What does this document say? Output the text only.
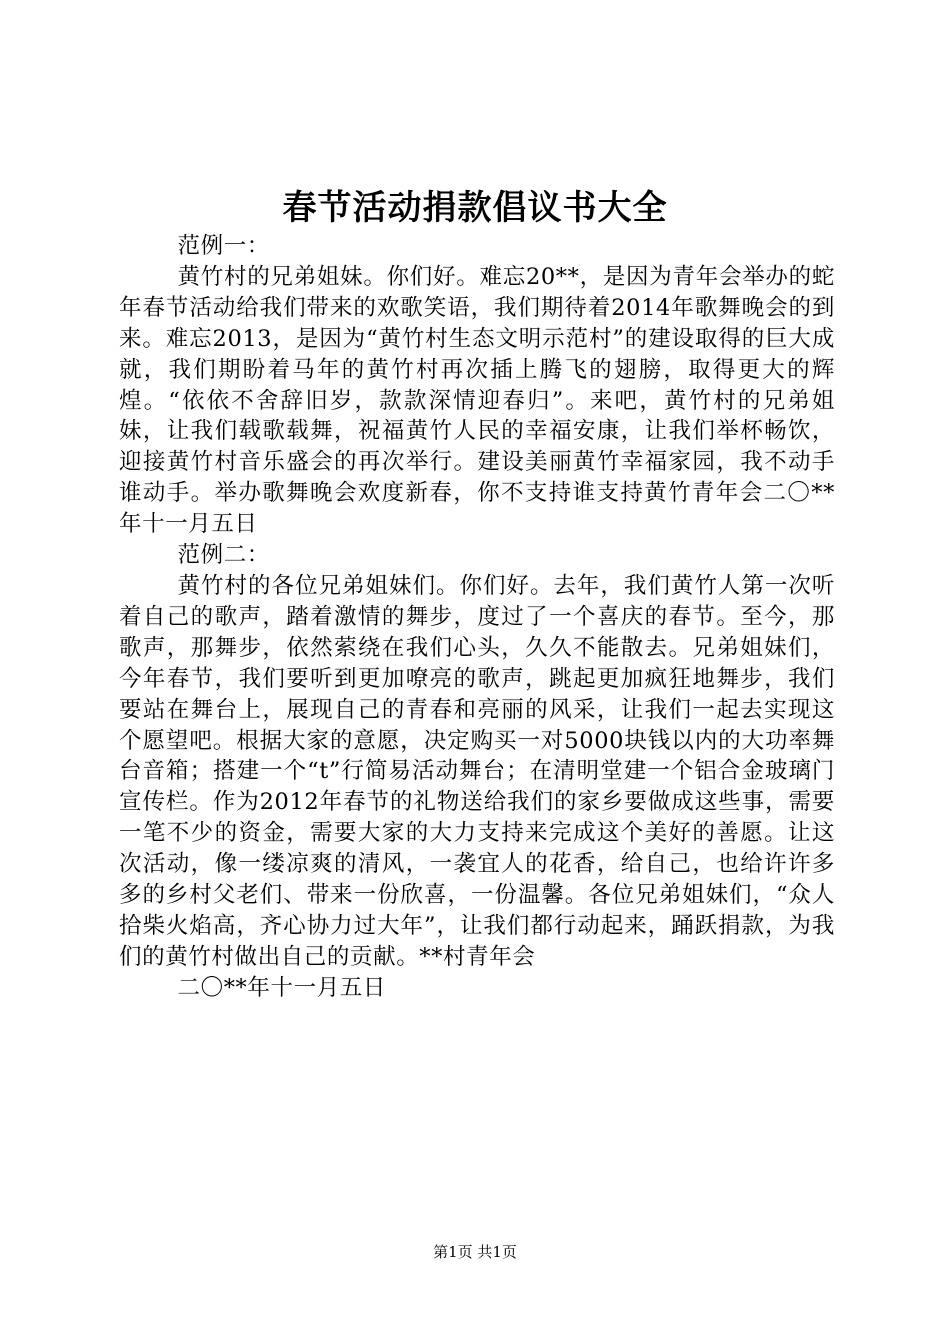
春节活动捐款倡议书大全

范例一：

黄竹村的兄弟姐妹。你们好。难忘20**，是因为青年会举办的蛇年春节活动给我们带来的欢歌笑语，我们期待着2014年歌舞晚会的到来。难忘2013，是因为“黄竹村生态文明示范村”的建设取得的巨大成就，我们期盼着马年的黄竹村再次插上腾飞的翅膀，取得更大的辉煌。“依依不舍辞旧岁，款款深情迎春归”。来吧，黄竹村的兄弟姐妹，让我们载歌载舞，祝福黄竹人民的幸福安康，让我们举杯畅饮，迎接黄竹村音乐盛会的再次举行。建设美丽黄竹幸福家园，我不动手谁动手。举办歌舞晚会欢度新春，你不支持谁支持黄竹青年会二〇**年十一月五日

范例二：

黄竹村的各位兄弟姐妹们。你们好。去年，我们黄竹人第一次听着自己的歌声，踏着激情的舞步，度过了一个喜庆的春节。至今，那歌声，那舞步，依然萦绕在我们心头，久久不能散去。兄弟姐妹们，今年春节，我们要听到更加嘹亮的歌声，跳起更加疯狂地舞步，我们要站在舞台上，展现自己的青春和亮丽的风采，让我们一起去实现这个愿望吧。根据大家的意愿，决定购买一对5000块钱以内的大功率舞台音箱；搭建一个“t”行简易活动舞台；在清明堂建一个铝合金玻璃门宣传栏。作为2012年春节的礼物送给我们的家乡要做成这些事，需要一笔不少的资金，需要大家的大力支持来完成这个美好的善愿。让这次活动，像一缕凉爽的清风，一袭宜人的花香，给自己，也给许许多多的乡村父老们、带来一份欣喜，一份温馨。各位兄弟姐妹们，“众人拾柴火焰高，齐心协力过大年”，让我们都行动起来，踊跃捐款，为我们的黄竹村做出自己的贡献。**村青年会

二〇**年十一月五日

第1页 共1页
